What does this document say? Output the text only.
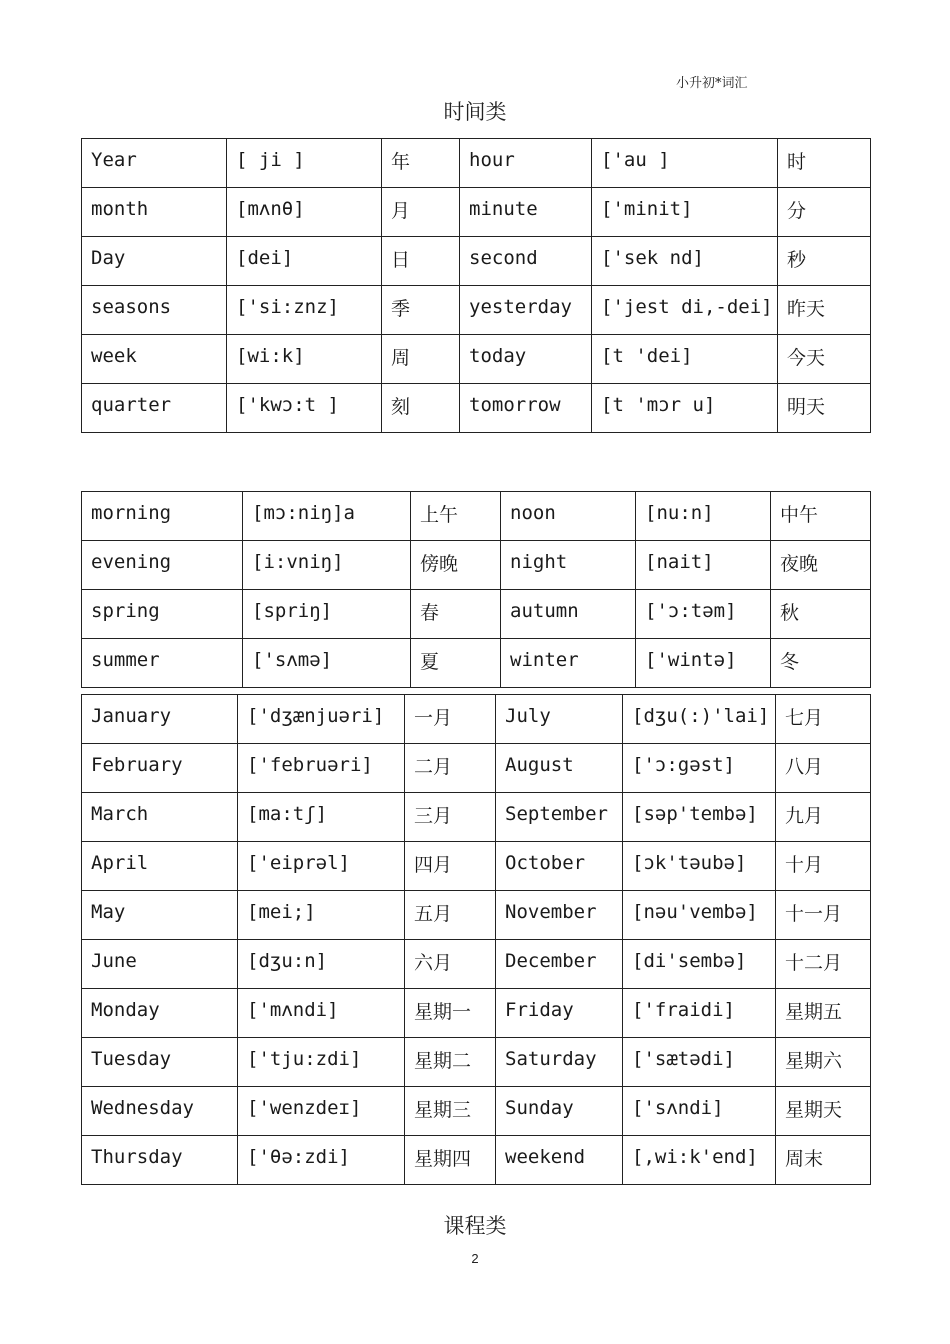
小升初*词汇
时间类
Year	[ ji ]	年	hour	['au ]	时
month	[mʌnθ]	月	minute	['minit]	分
Day	[dei]	日	second	['sek nd]	秒
seasons	['si:znz]	季	yesterday	['jest di,-dei]	昨天
week	[wi:k]	周	today	[t 'dei]	今天
quarter	['kwɔ:t ]	刻	tomorrow	[t 'mɔr u]	明天
morning	[mɔ:niŋ]a	上午	noon	[nu:n]	中午
evening	[i:vniŋ]	傍晚	night	[nait]	夜晚
spring	[spriŋ]	春	autumn	['ɔ:təm]	秋
summer	['sʌmə]	夏	winter	['wintə]	冬
January	['dʒænjuəri]	一月	July	[dʒu(:)'lai]	七月
February	['februəri]	二月	August	['ɔ:gəst]	八月
March	[ma:tʃ]	三月	September	[səp'tembə]	九月
April	['eiprəl]	四月	October	[ɔk'təubə]	十月
May	[mei;]	五月	November	[nəu'vembə]	十一月
June	[dʒu:n]	六月	December	[di'sembə]	十二月
Monday	['mʌndi]	星期一	Friday	['fraidi]	星期五
Tuesday	['tju:zdi]	星期二	Saturday	['sætədi]	星期六
Wednesday	['wenzdeɪ]	星期三	Sunday	['sʌndi]	星期天
Thursday	['θə:zdi]	星期四	weekend	[,wi:k'end]	周末
课程类
2
